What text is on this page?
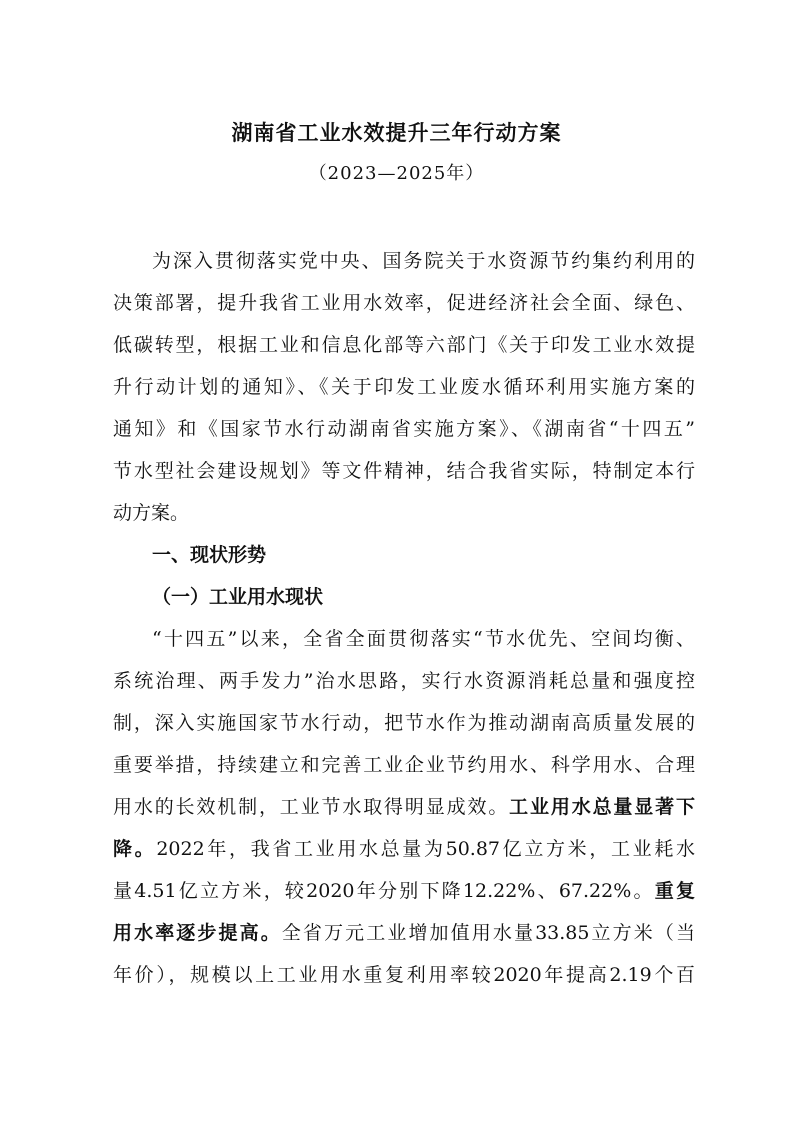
湖南省工业水效提升三年行动方案
（2023—2025年）
为深入贯彻落实党中央、国务院关于水资源节约集约利用的
决策部署，提升我省工业用水效率，促进经济社会全面、绿色、
低碳转型，根据工业和信息化部等六部门《关于印发工业水效提
升行动计划的通知》、《关于印发工业废水循环利用实施方案的
通知》和《国家节水行动湖南省实施方案》、《湖南省“十四五”
节水型社会建设规划》等文件精神，结合我省实际，特制定本行
动方案。
一、现状形势
（一）工业用水现状
“十四五”以来，全省全面贯彻落实“节水优先、空间均衡、
系统治理、两手发力”治水思路，实行水资源消耗总量和强度控
制，深入实施国家节水行动，把节水作为推动湖南高质量发展的
重要举措，持续建立和完善工业企业节约用水、科学用水、合理
用水的长效机制，工业节水取得明显成效。工业用水总量显著下
降。2022年，我省工业用水总量为50.87亿立方米，工业耗水
量4.51亿立方米，较2020年分别下降12.22%、67.22%。重复
用水率逐步提高。全省万元工业增加值用水量33.85立方米（当
年价），规模以上工业用水重复利用率较2020年提高2.19个百
